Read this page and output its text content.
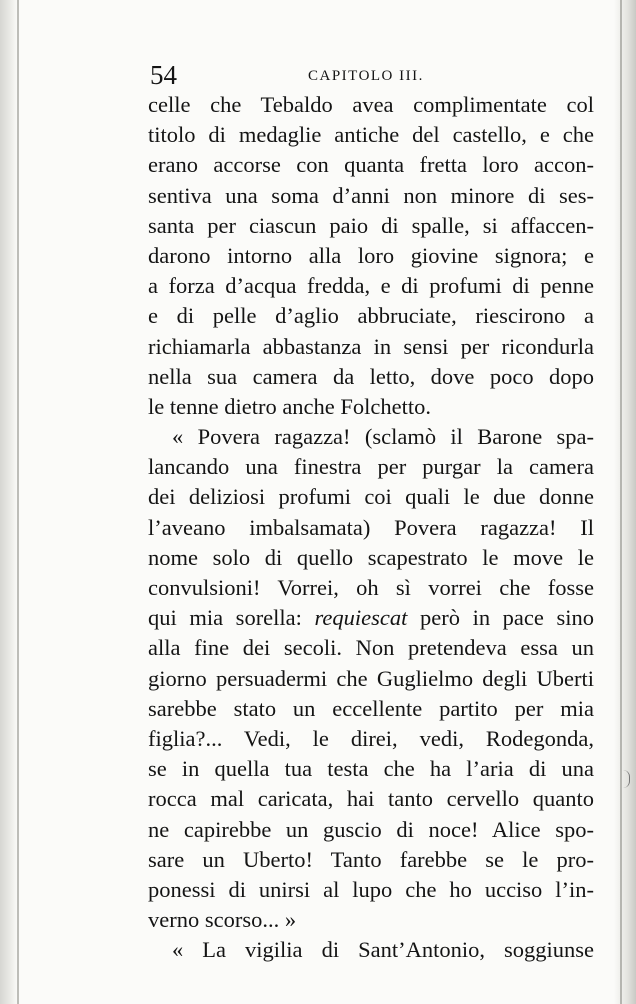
54	CAPITOLO III.
celle che Tebaldo avea complimentate col
titolo di medaglie antiche del castello, e che
erano accorse con quanta fretta loro accon-
sentiva una soma d’anni non minore di ses-
santa per ciascun paio di spalle, si affaccen-
darono intorno alla loro giovine signora; e
a forza d’acqua fredda, e di profumi di penne
e di pelle d’aglio abbruciate, riescirono a
richiamarla abbastanza in sensi per ricondurla
nella sua camera da letto, dove poco dopo
le tenne dietro anche Folchetto.
« Povera ragazza! (sclamò il Barone spa-
lancando una finestra per purgar la camera
dei deliziosi profumi coi quali le due donne
l’aveano imbalsamata) Povera ragazza! Il
nome solo di quello scapestrato le move le
convulsioni! Vorrei, oh sì vorrei che fosse
qui mia sorella: requiescat però in pace sino
alla fine dei secoli. Non pretendeva essa un
giorno persuadermi che Guglielmo degli Uberti
sarebbe stato un eccellente partito per mia
figlia?... Vedi, le direi, vedi, Rodegonda,
se in quella tua testa che ha l’aria di una
rocca mal caricata, hai tanto cervello quanto
ne capirebbe un guscio di noce! Alice spo-
sare un Uberto! Tanto farebbe se le pro-
ponessi di unirsi al lupo che ho ucciso l’in-
verno scorso... »
« La vigilia di Sant’Antonio, soggiunse
